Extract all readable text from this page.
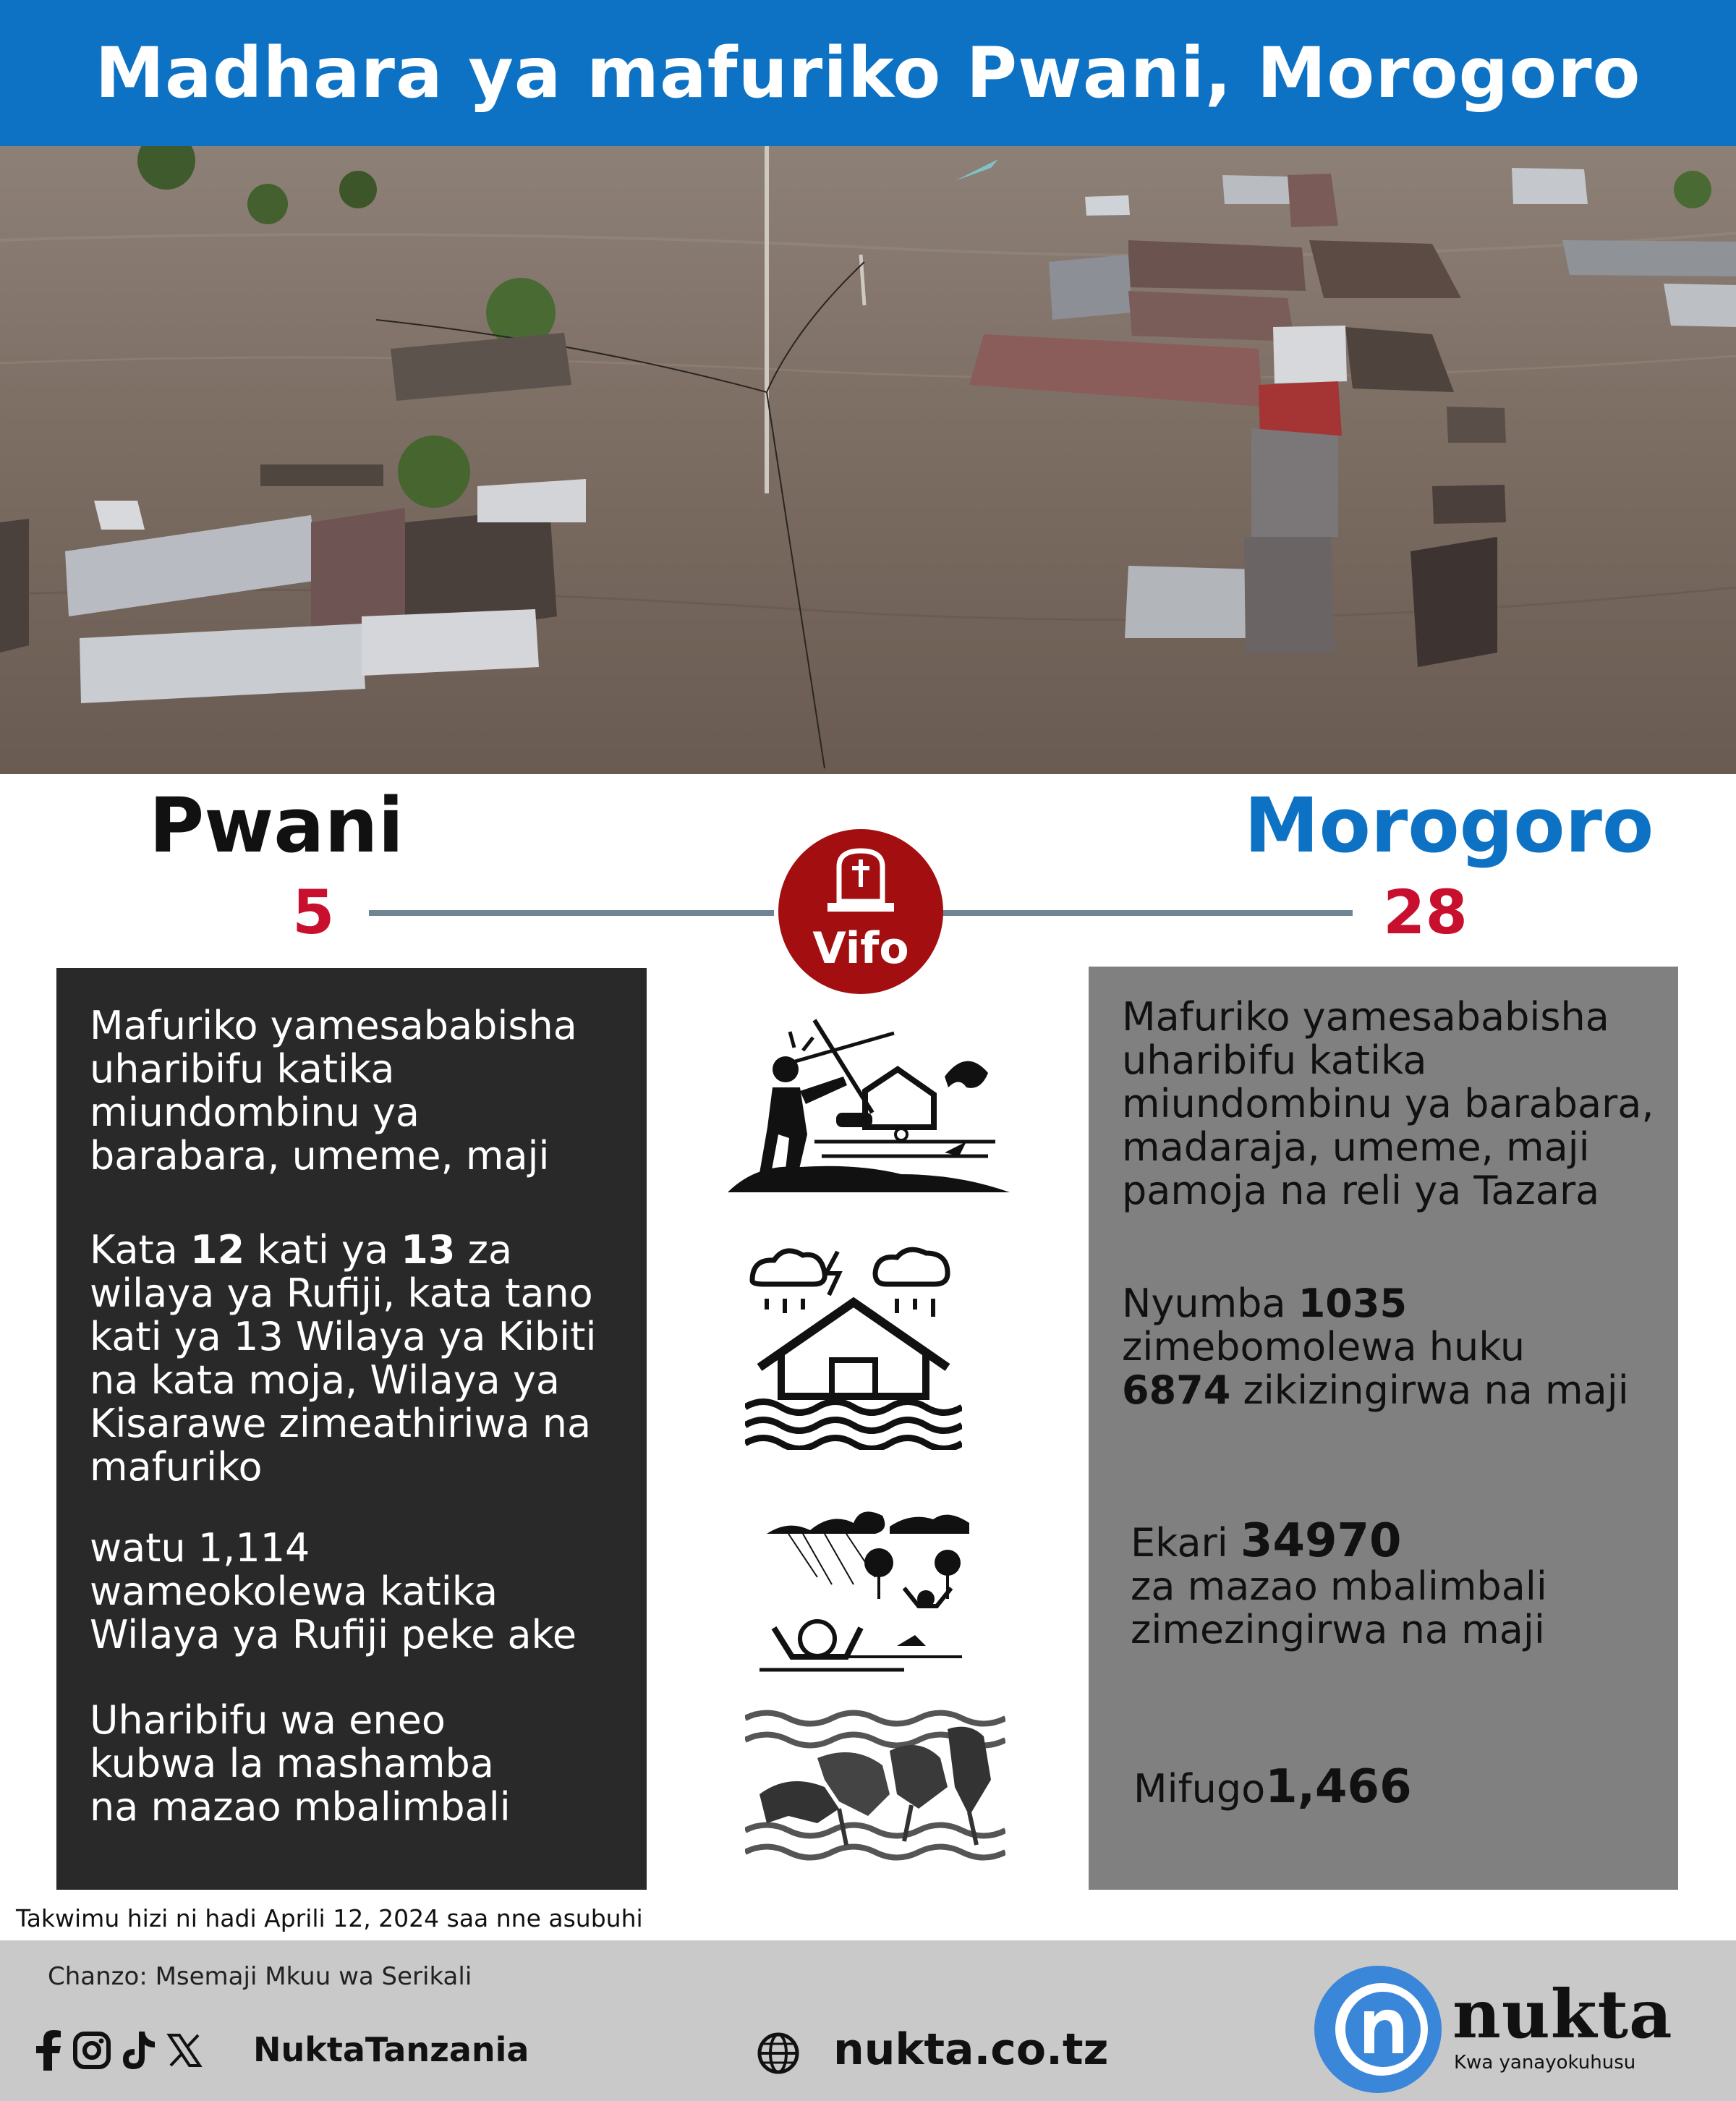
Madhara ya mafuriko Pwani, Morogoro
Pwani	Morogoro
5	28
Vifo
Mafuriko yamesababisha
uharibifu katika
miundombinu ya
barabara, umeme, maji
Kata 12 kati ya 13 za
wilaya ya Rufiji, kata tano
kati ya 13 Wilaya ya Kibiti
na kata moja, Wilaya ya
Kisarawe zimeathiriwa na
mafuriko
watu 1,114
wameokolewa katika
Wilaya ya Rufiji peke ake
Uharibifu wa eneo
kubwa la mashamba
na mazao mbalimbali
Mafuriko yamesababisha
uharibifu katika
miundombinu ya barabara,
madaraja, umeme, maji
pamoja na reli ya Tazara
Nyumba 1035
zimebomolewa huku
6874 zikizingirwa na maji
Ekari 34970
za mazao mbalimbali
zimezingirwa na maji
Mifugo1,466
Takwimu hizi ni hadi Aprili 12, 2024 saa nne asubuhi
Chanzo: Msemaji Mkuu wa Serikali
NuktaTanzania	nukta.co.tz	nukta
Kwa yanayokuhusu
